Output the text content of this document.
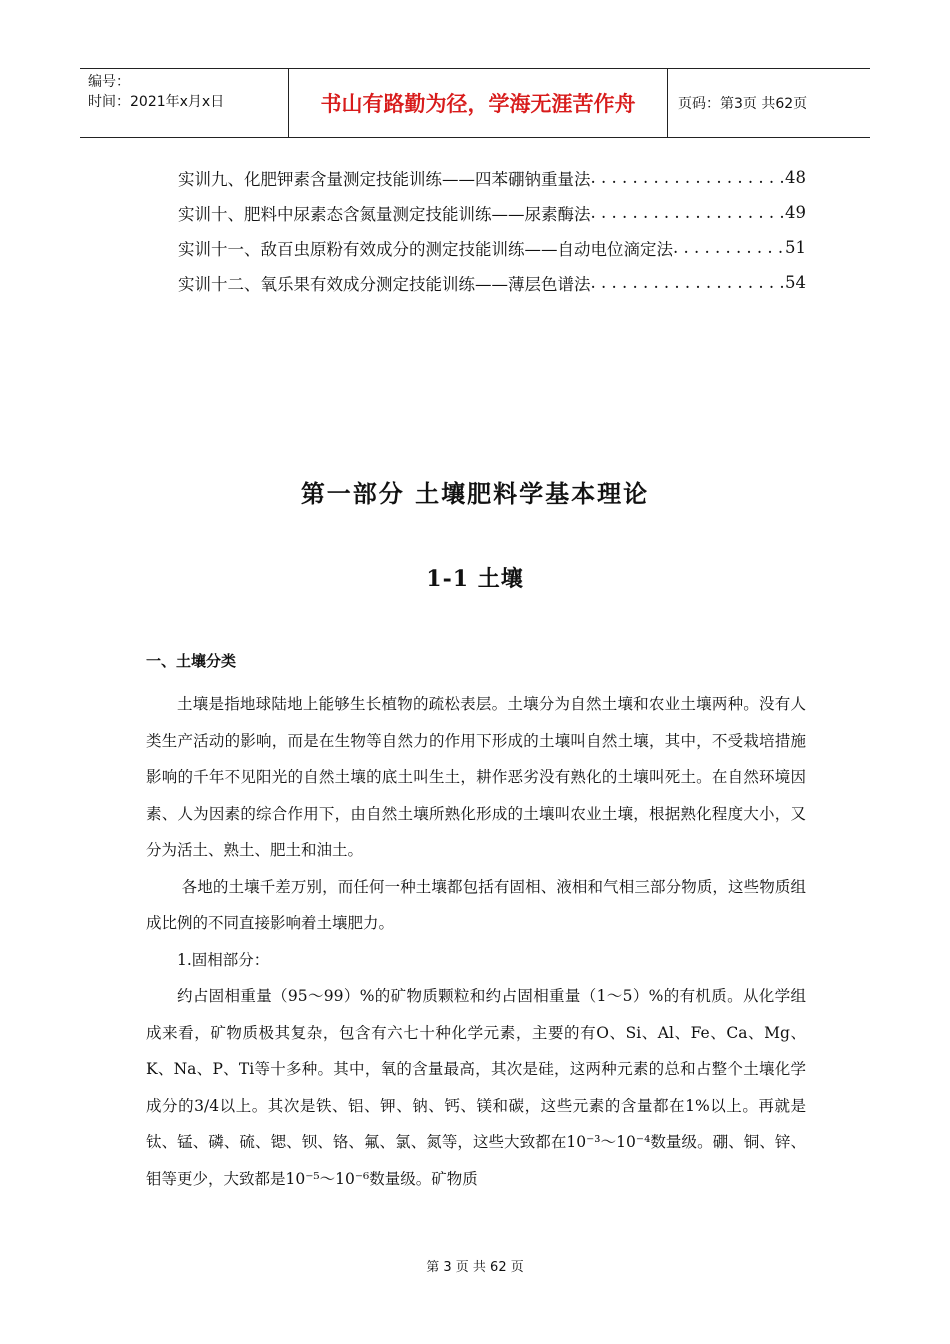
编号：
时间：2021年x月x日	书山有路勤为径，学海无涯苦作舟	页码：第3页 共62页
实训九、化肥钾素含量测定技能训练——四苯硼钠重量法 . . .	48
实训十、肥料中尿素态含氮量测定技能训练——尿素酶法 . . .	49
实训十一、敌百虫原粉有效成分的测定技能训练——自动电位滴定法 . . .	51
实训十二、氧乐果有效成分测定技能训练——薄层色谱法 . . .	54
第一部分 土壤肥料学基本理论
1-1 土壤
一、土壤分类

土壤是指地球陆地上能够生长植物的疏松表层。土壤分为自然土壤和农业土壤两种。没有人类生产活动的影响，而是在生物等自然力的作用下形成的土壤叫自然土壤，其中，不受栽培措施影响的千年不见阳光的自然土壤的底土叫生土，耕作恶劣没有熟化的土壤叫死土。在自然环境因素、人为因素的综合作用下，由自然土壤所熟化形成的土壤叫农业土壤，根据熟化程度大小，又分为活土、熟土、肥土和油土。

各地的土壤千差万别，而任何一种土壤都包括有固相、液相和气相三部分物质，这些物质组成比例的不同直接影响着土壤肥力。

1.固相部分：

约占固相重量（95～99）%的矿物质颗粒和约占固相重量（1～5）%的有机质。从化学组成来看，矿物质极其复杂，包含有六七十种化学元素，主要的有O、Si、Al、Fe、Ca、Mg、K、Na、P、Ti等十多种。其中，氧的含量最高，其次是硅，这两种元素的总和占整个土壤化学成分的3/4以上。其次是铁、铝、钾、钠、钙、镁和碳，这些元素的含量都在1%以上。再就是钛、锰、磷、硫、锶、钡、铬、氟、氯、氮等，这些大致都在10⁻³～10⁻⁴数量级。硼、铜、锌、钼等更少，大致都是10⁻⁵～10⁻⁶数量级。矿物质

第 3 页 共 62 页
